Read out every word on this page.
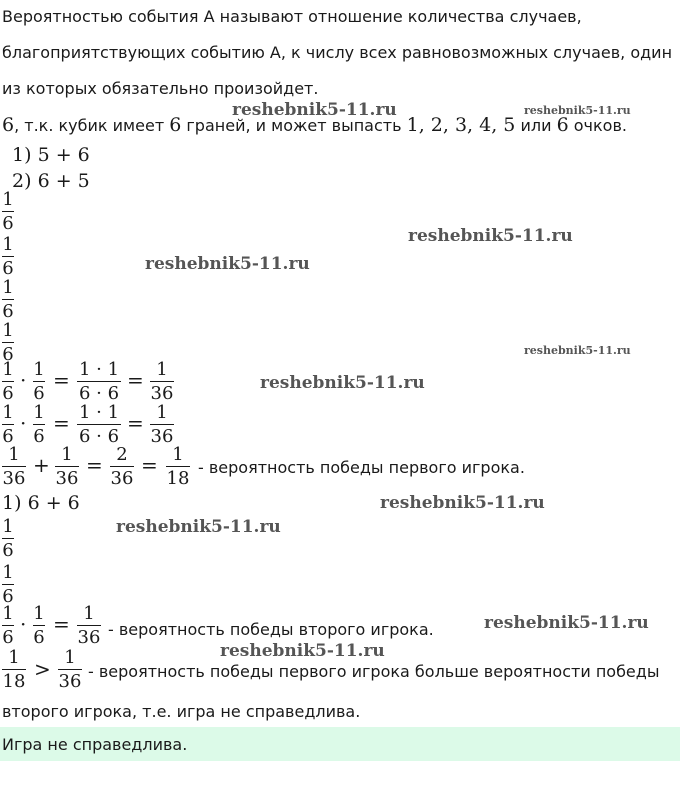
Вероятностью события А называют отношение количества случаев,
благоприятствующих событию А, к числу всех равновозможных случаев, один
из которых обязательно произойдет.
6, т.к. кубик имеет 6 граней, и может выпасть 1, 2, 3, 4, 5 или 6 очков.
1) 5 + 6
2) 6 + 5
1
6
1
6
1
6
1
6
1
6
· 1
6
= 1 · 1
6 · 6
= 1
36
1
6
· 1
6
= 1 · 1
6 · 6
= 1
36
1
36
+ 1
36
= 2
36
= 1
18
- вероятность победы первого игрока.
1) 6 + 6
1
6
1
6
1
6
· 1
6
= 1
36 - вероятность победы второго игрока.
1
18
> 1
36 - вероятность победы первого игрока больше вероятности победы
второго игрока, т.е. игра не справедлива.
Игра не справедлива.
reshebnik5-11.ru	reshebnik5-11.ru
reshebnik5-11.ru
reshebnik5-11.ru
reshebnik5-11.ru
reshebnik5-11.ru
reshebnik5-11.ru
reshebnik5-11.ru
reshebnik5-11.ru
reshebnik5-11.ru
